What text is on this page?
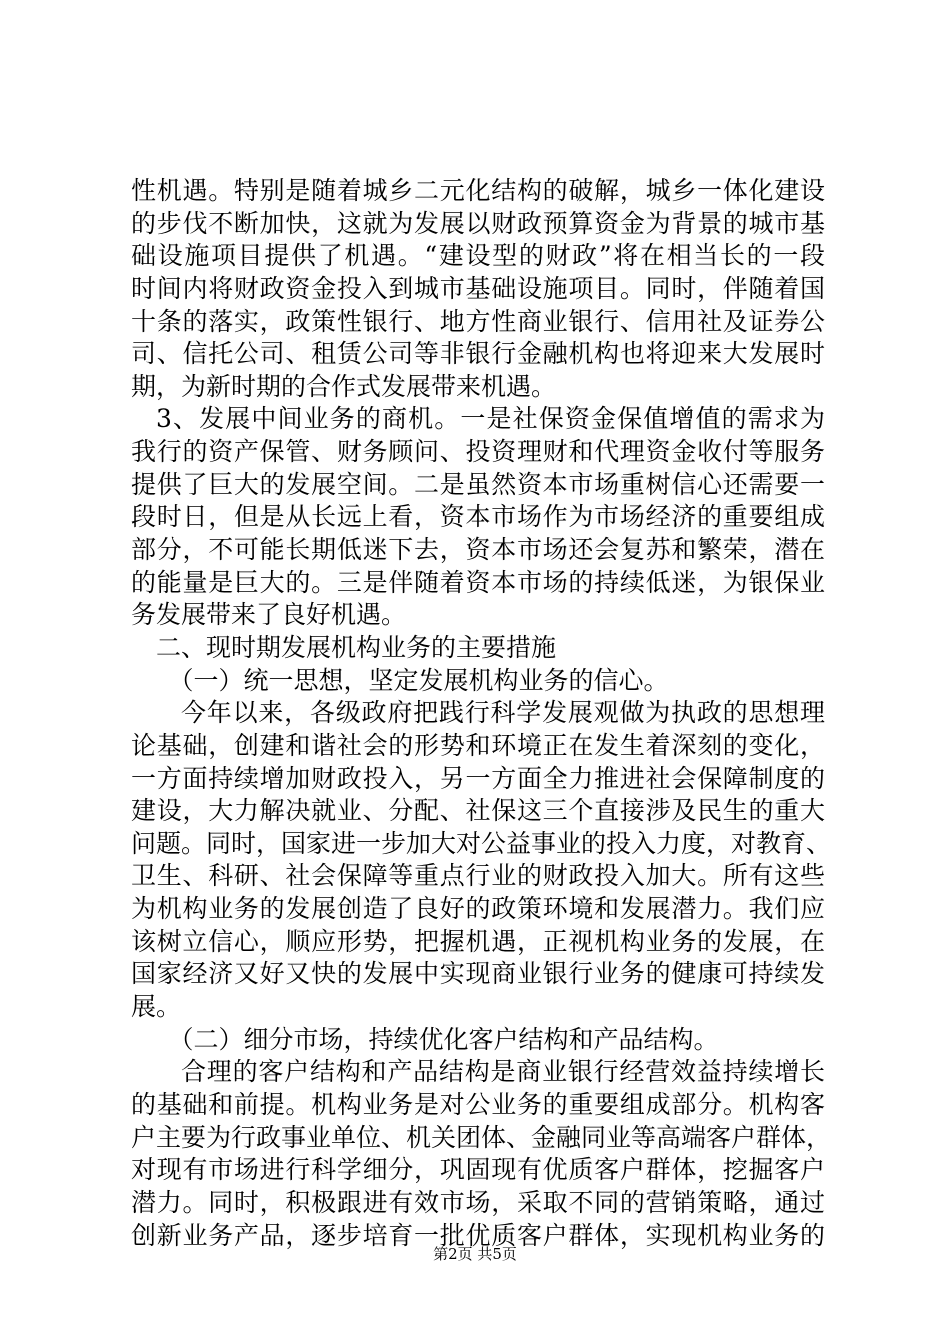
性机遇。特别是随着城乡二元化结构的破解，城乡一体化建设
的步伐不断加快，这就为发展以财政预算资金为背景的城市基
础设施项目提供了机遇。“建设型的财政”将在相当长的一段
时间内将财政资金投入到城市基础设施项目。同时，伴随着国
十条的落实，政策性银行、地方性商业银行、信用社及证券公
司、信托公司、租赁公司等非银行金融机构也将迎来大发展时
期，为新时期的合作式发展带来机遇。
3、发展中间业务的商机。一是社保资金保值增值的需求为
我行的资产保管、财务顾问、投资理财和代理资金收付等服务
提供了巨大的发展空间。二是虽然资本市场重树信心还需要一
段时日，但是从长远上看，资本市场作为市场经济的重要组成
部分，不可能长期低迷下去，资本市场还会复苏和繁荣，潜在
的能量是巨大的。三是伴随着资本市场的持续低迷，为银保业
务发展带来了良好机遇。
二、现时期发展机构业务的主要措施
（一）统一思想，坚定发展机构业务的信心。
今年以来，各级政府把践行科学发展观做为执政的思想理
论基础，创建和谐社会的形势和环境正在发生着深刻的变化，
一方面持续增加财政投入，另一方面全力推进社会保障制度的
建设，大力解决就业、分配、社保这三个直接涉及民生的重大
问题。同时，国家进一步加大对公益事业的投入力度，对教育、
卫生、科研、社会保障等重点行业的财政投入加大。所有这些
为机构业务的发展创造了良好的政策环境和发展潜力。我们应
该树立信心，顺应形势，把握机遇，正视机构业务的发展，在
国家经济又好又快的发展中实现商业银行业务的健康可持续发
展。
（二）细分市场，持续优化客户结构和产品结构。
合理的客户结构和产品结构是商业银行经营效益持续增长
的基础和前提。机构业务是对公业务的重要组成部分。机构客
户主要为行政事业单位、机关团体、金融同业等高端客户群体，
对现有市场进行科学细分，巩固现有优质客户群体，挖掘客户
潜力。同时，积极跟进有效市场，采取不同的营销策略，通过
创新业务产品，逐步培育一批优质客户群体，实现机构业务的
第2页 共5页
